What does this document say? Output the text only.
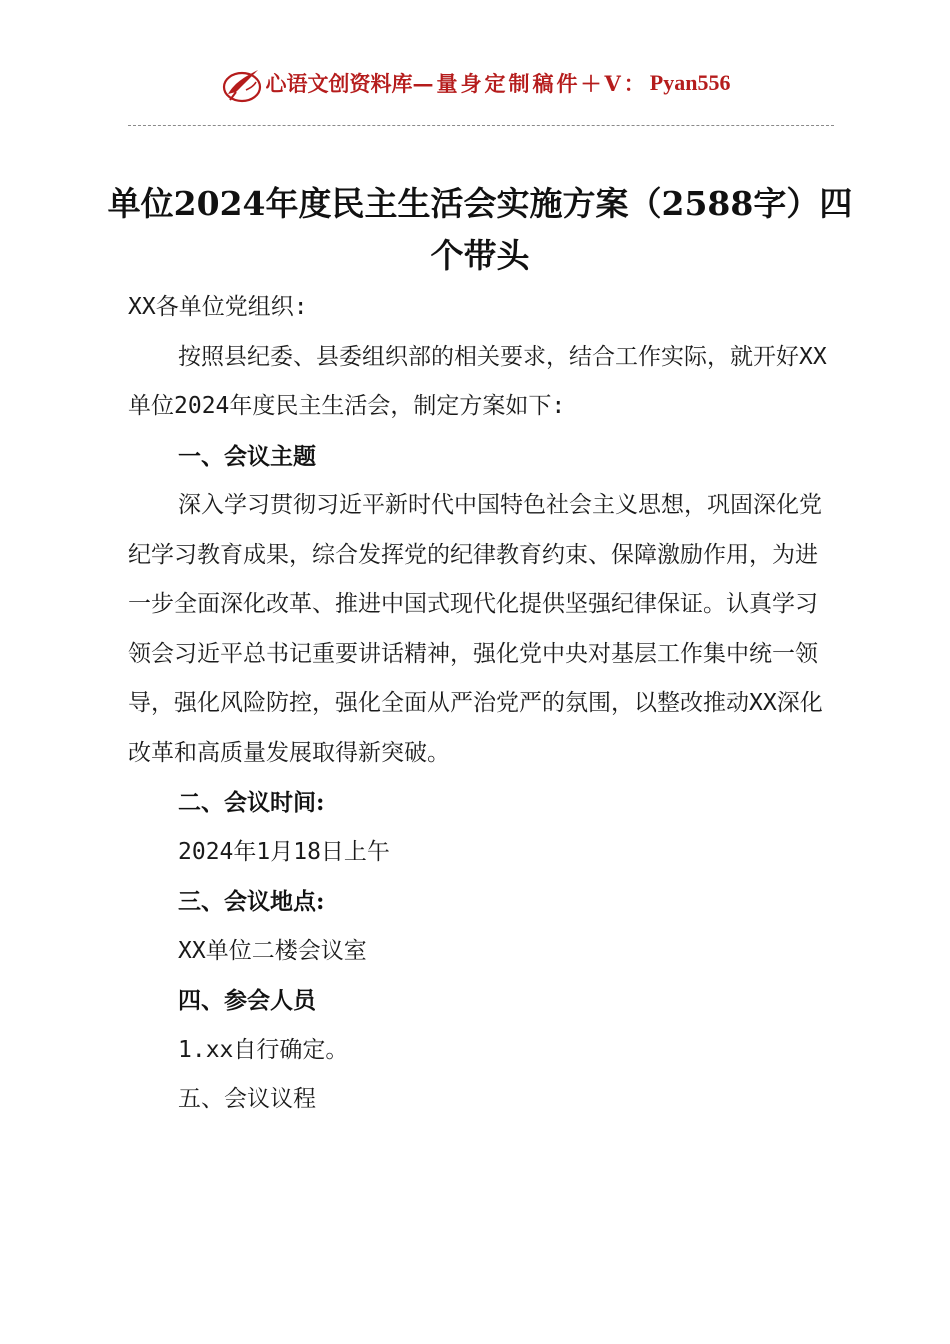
心语文创资料库 —量身定制稿件＋V： Pyan556
单位2024年度民主生活会实施方案（2588字）四个带头

XX各单位党组织:

按照县纪委、县委组织部的相关要求，结合工作实际，就开好XX单位2024年度民主生活会，制定方案如下:

一、会议主题

深入学习贯彻习近平新时代中国特色社会主义思想，巩固深化党纪学习教育成果，综合发挥党的纪律教育约束、保障激励作用，为进一步全面深化改革、推进中国式现代化提供坚强纪律保证。认真学习领会习近平总书记重要讲话精神，强化党中央对基层工作集中统一领导，强化风险防控，强化全面从严治党严的氛围，以整改推动XX深化改革和高质量发展取得新突破。

二、会议时间:

2024年1月18日上午

三、会议地点:

XX单位二楼会议室

四、参会人员

1.xx自行确定。

五、会议议程
